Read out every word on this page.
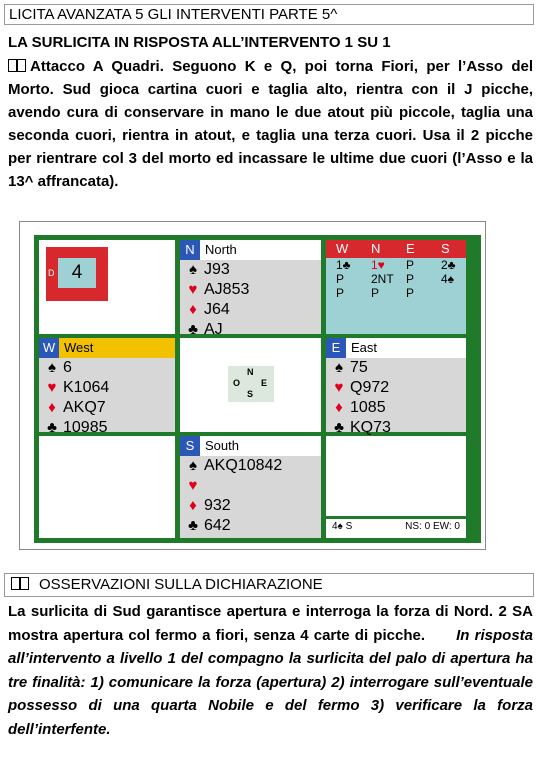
LICITA AVANZATA 5 GLI INTERVENTI PARTE 5^
LA SURLICITA IN RISPOSTA ALL’INTERVENTO 1 SU 1
Attacco A Quadri. Seguono K e Q, poi torna Fiori, per l’Asso del Morto. Sud gioca cartina cuori e taglia alto, rientra con il J picche, avendo cura di conservare in mano le due atout più piccole, taglia una seconda cuori, rientra in atout, e taglia una terza cuori. Usa il 2 picche per rientrare col 3 del morto ed incassare le ultime due cuori (l’Asso e la 13^ affrancata).
D 4
N North
♠ J93
♥ AJ853
♦ J64
♣ AJ
W	N	E	S
1♣	1♥	P	2♣
P	2NT	P	4♠
P	P	P
W West
♠ 6
♥ K1064
♦ AKQ7
♣ 10985
N
O E
S
E East
♠ 75
♥ Q972
♦ 1085
♣ KQ73
S South
♠ AKQ10842
♥
♦ 932
♣ 642	4♠ S	NS: 0 EW: 0
OSSERVAZIONI SULLA DICHIARAZIONE
La surlicita di Sud garantisce apertura e interroga la forza di Nord. 2 SA mostra apertura col fermo a fiori, senza 4 carte di picche. In risposta all’intervento a livello 1 del compagno la surlicita del palo di apertura ha tre finalità: 1) comunicare la forza (apertura) 2) interrogare sull’eventuale possesso di una quarta Nobile e del fermo 3) verificare la forza dell’interfente.
